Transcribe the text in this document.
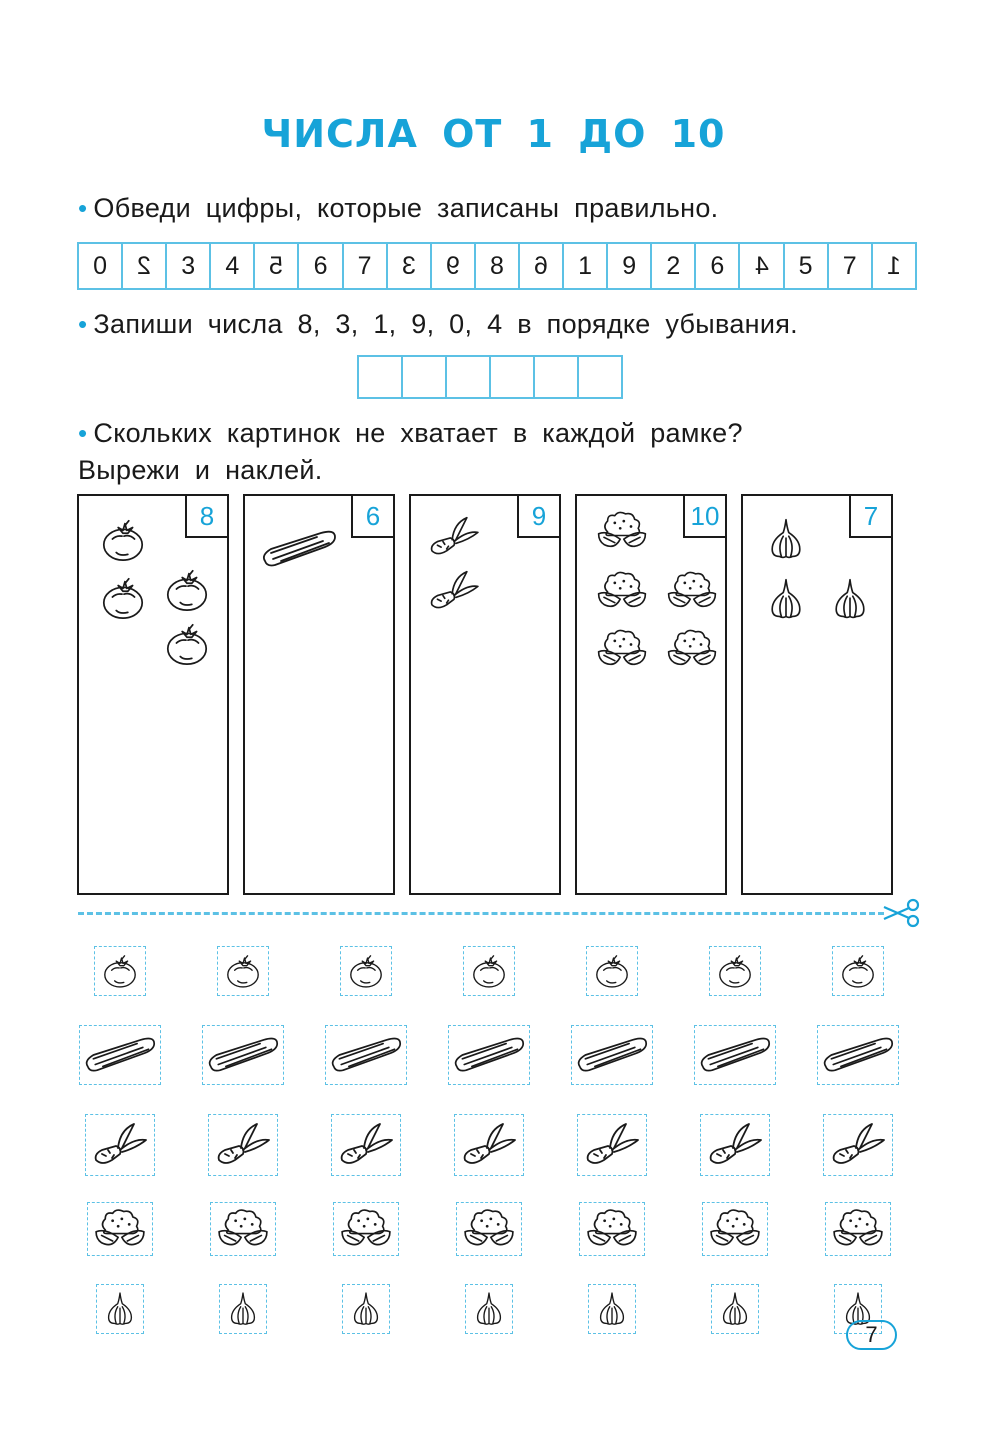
ЧИСЛА ОТ 1 ДО 10
• Обведи цифры, которые записаны правильно.
0 2 3 4 5 6 7 3 9 8 6 1 9 2 6 4 5 7 1
• Запиши числа 8, 3, 1, 9, 0, 4 в порядке убывания.
• Скольких картинок не хватает в каждой рамке?
Вырежи и наклей.
8	6	9	10	7
7
